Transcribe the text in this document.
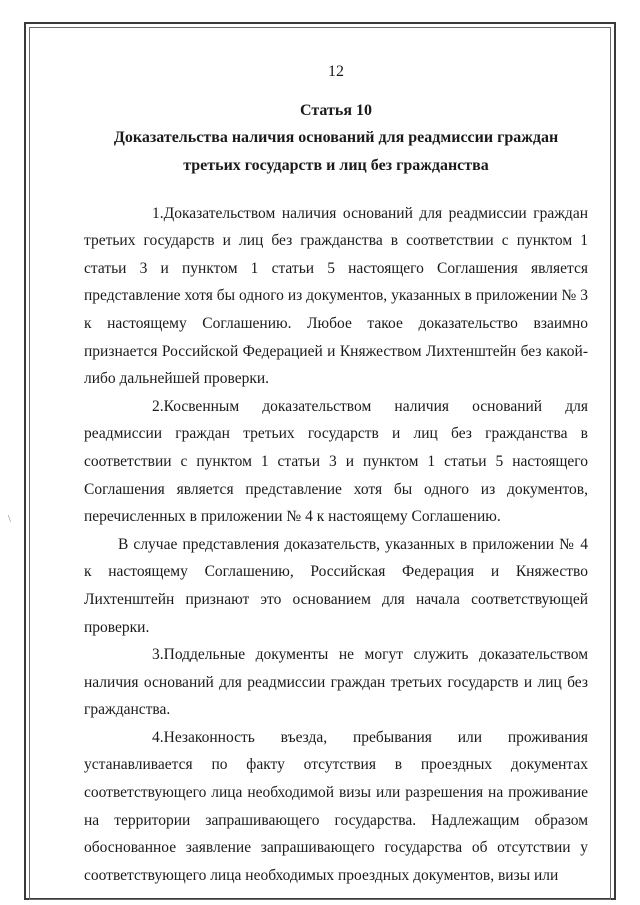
\
12
Статья 10
Доказательства наличия оснований для реадмиссии граждан третьих государств и лиц без гражданства

1.Доказательством наличия оснований для реадмиссии граждан третьих государств и лиц без гражданства в соответствии с пунктом 1 статьи 3 и пунктом 1 статьи 5 настоящего Соглашения является представление хотя бы одного из документов, указанных в приложении № 3 к настоящему Соглашению. Любое такое доказательство взаимно признается Российской Федерацией и Княжеством Лихтенштейн без какой-либо дальнейшей проверки.

2.Косвенным доказательством наличия оснований для реадмиссии граждан третьих государств и лиц без гражданства в соответствии с пунктом 1 статьи 3 и пунктом 1 статьи 5 настоящего Соглашения является представление хотя бы одного из документов, перечисленных в приложении № 4 к настоящему Соглашению.

В случае представления доказательств, указанных в приложении № 4 к настоящему Соглашению, Российская Федерация и Княжество Лихтенштейн признают это основанием для начала соответствующей проверки.

3.Поддельные документы не могут служить доказательством наличия оснований для реадмиссии граждан третьих государств и лиц без гражданства.

4.Незаконность въезда, пребывания или проживания устанавливается по факту отсутствия в проездных документах соответствующего лица необходимой визы или разрешения на проживание на территории запрашивающего государства. Надлежащим образом обоснованное заявление запрашивающего государства об отсутствии у соответствующего лица необходимых проездных документов, визы или
